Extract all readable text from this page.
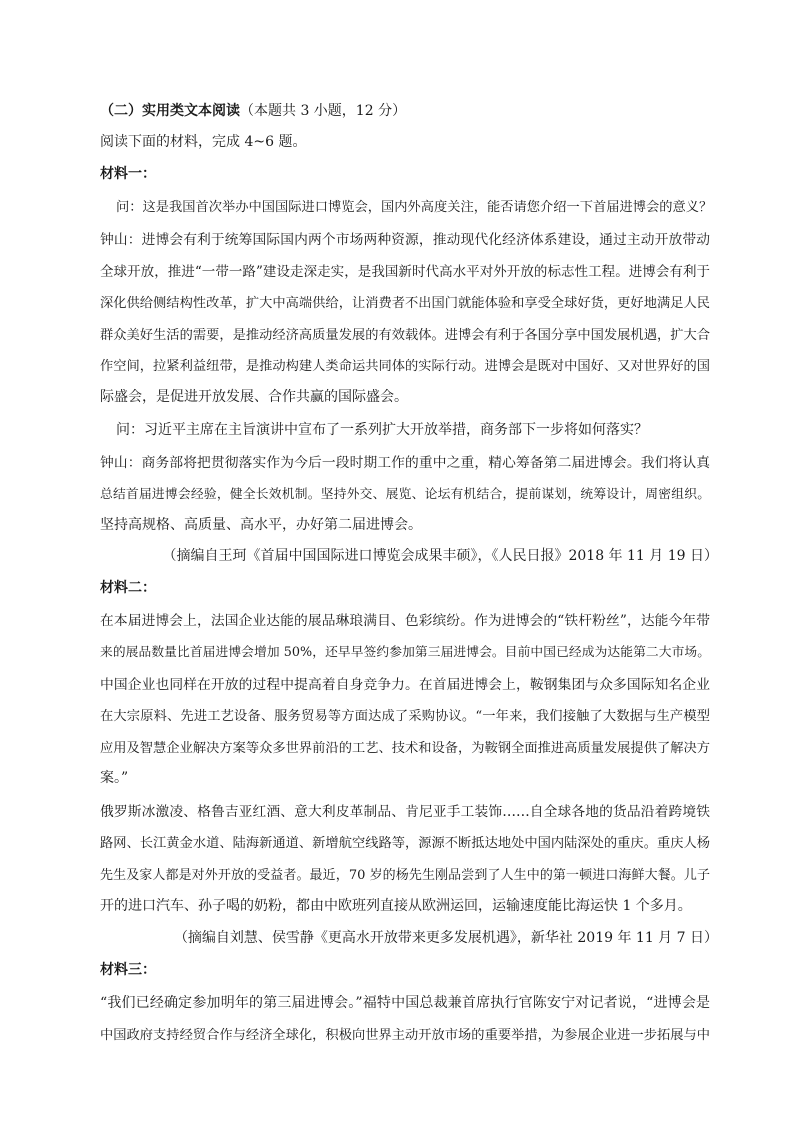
（二）实用类文本阅读（本题共 3 小题，12 分）
阅读下面的材料，完成 4~6 题。
材料一：
问：这是我国首次举办中国国际进口博览会，国内外高度关注，能否请您介绍一下首届进博会的意义？
钟山：进博会有利于统筹国际国内两个市场两种资源，推动现代化经济体系建设，通过主动开放带动
全球开放，推进“一带一路”建设走深走实，是我国新时代高水平对外开放的标志性工程。进博会有利于
深化供给侧结构性改革，扩大中高端供给，让消费者不出国门就能体验和享受全球好货，更好地满足人民
群众美好生活的需要，是推动经济高质量发展的有效载体。进博会有利于各国分享中国发展机遇，扩大合
作空间，拉紧利益纽带，是推动构建人类命运共同体的实际行动。进博会是既对中国好、又对世界好的国
际盛会，是促进开放发展、合作共赢的国际盛会。
问：习近平主席在主旨演讲中宣布了一系列扩大开放举措，商务部下一步将如何落实？
钟山：商务部将把贯彻落实作为今后一段时期工作的重中之重，精心筹备第二届进博会。我们将认真
总结首届进博会经验，健全长效机制。坚持外交、展览、论坛有机结合，提前谋划，统筹设计，周密组织。
坚持高规格、高质量、高水平，办好第二届进博会。
（摘编自王珂《首届中国国际进口博览会成果丰硕》，《人民日报》2018 年 11 月 19 日）
材料二：
在本届进博会上，法国企业达能的展品琳琅满目、色彩缤纷。作为进博会的“铁杆粉丝”，达能今年带
来的展品数量比首届进博会增加 50%，还早早签约参加第三届进博会。目前中国已经成为达能第二大市场。
中国企业也同样在开放的过程中提高着自身竞争力。在首届进博会上，鞍钢集团与众多国际知名企业
在大宗原料、先进工艺设备、服务贸易等方面达成了采购协议。“一年来，我们接触了大数据与生产模型
应用及智慧企业解决方案等众多世界前沿的工艺、技术和设备，为鞍钢全面推进高质量发展提供了解决方
案。”
俄罗斯冰激凌、格鲁吉亚红酒、意大利皮革制品、肯尼亚手工装饰……自全球各地的货品沿着跨境铁
路网、长江黄金水道、陆海新通道、新增航空线路等，源源不断抵达地处中国内陆深处的重庆。重庆人杨
先生及家人都是对外开放的受益者。最近，70 岁的杨先生刚品尝到了人生中的第一顿进口海鲜大餐。儿子
开的进口汽车、孙子喝的奶粉，都由中欧班列直接从欧洲运回，运输速度能比海运快 1 个多月。
（摘编自刘慧、侯雪静《更高水开放带来更多发展机遇》，新华社 2019 年 11 月 7 日）
材料三：
“我们已经确定参加明年的第三届进博会。”福特中国总裁兼首席执行官陈安宁对记者说，“进博会是
中国政府支持经贸合作与经济全球化，积极向世界主动开放市场的重要举措，为参展企业进一步拓展与中
